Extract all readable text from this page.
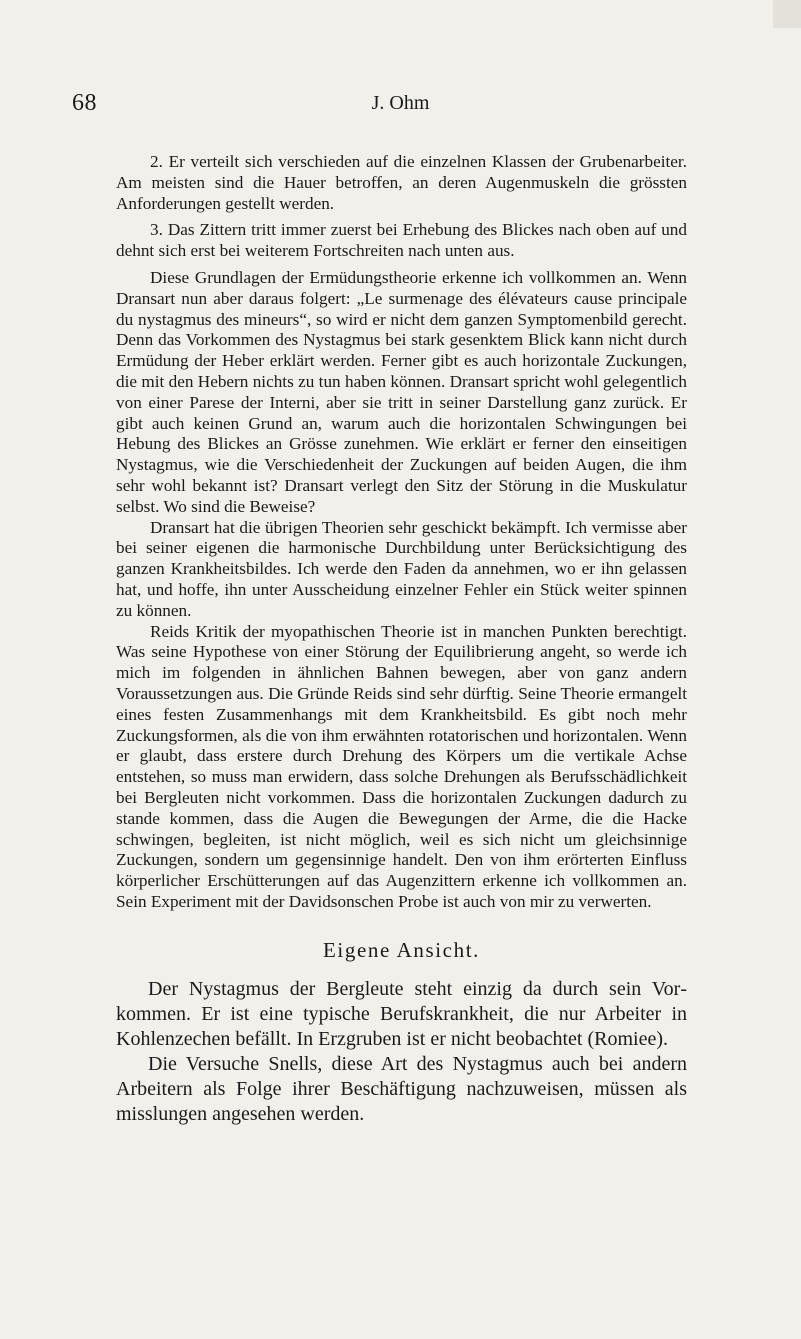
68	J. Ohm

2. Er verteilt sich verschieden auf die einzelnen Klassen der Grubenarbeiter. Am meisten sind die Hauer betroffen, an deren Augenmuskeln die grössten Anforderungen gestellt werden.

3. Das Zittern tritt immer zuerst bei Erhebung des Blickes nach oben auf und dehnt sich erst bei weiterem Fortschreiten nach unten aus.

Diese Grundlagen der Ermüdungstheorie erkenne ich vollkommen an. Wenn Dransart nun aber daraus folgert: „Le surmenage des élévateurs cause principale du nystagmus des mineurs“, so wird er nicht dem ganzen Symptomenbild gerecht. Denn das Vorkommen des Nystagmus bei stark gesenktem Blick kann nicht durch Ermüdung der Heber erklärt werden. Ferner gibt es auch horizontale Zuckungen, die mit den Hebern nichts zu tun haben können. Dransart spricht wohl gelegentlich von einer Parese der Interni, aber sie tritt in seiner Darstellung ganz zurück. Er gibt auch keinen Grund an, warum auch die horizontalen Schwingungen bei Hebung des Blickes an Grösse zunehmen. Wie erklärt er ferner den einseitigen Nystagmus, wie die Verschiedenheit der Zuckungen auf beiden Augen, die ihm sehr wohl bekannt ist? Dransart verlegt den Sitz der Störung in die Muskulatur selbst. Wo sind die Beweise?

Dransart hat die übrigen Theorien sehr geschickt bekämpft. Ich vermisse aber bei seiner eigenen die harmonische Durchbildung unter Berücksichtigung des ganzen Krankheitsbildes. Ich werde den Faden da annehmen, wo er ihn gelassen hat, und hoffe, ihn unter Ausscheidung einzelner Fehler ein Stück weiter spinnen zu können.

Reids Kritik der myopathischen Theorie ist in manchen Punkten berechtigt. Was seine Hypothese von einer Störung der Equilibrierung angeht, so werde ich mich im folgenden in ähnlichen Bahnen bewegen, aber von ganz andern Voraussetzungen aus. Die Gründe Reids sind sehr dürftig. Seine Theorie ermangelt eines festen Zusammenhangs mit dem Krankheitsbild. Es gibt noch mehr Zuckungsformen, als die von ihm erwähnten rotatorischen und horizontalen. Wenn er glaubt, dass erstere durch Drehung des Körpers um die vertikale Achse entstehen, so muss man erwidern, dass solche Drehungen als Berufsschädlichkeit bei Bergleuten nicht vorkommen. Dass die horizontalen Zuckungen dadurch zu stande kommen, dass die Augen die Bewegungen der Arme, die die Hacke schwingen, begleiten, ist nicht möglich, weil es sich nicht um gleichsinnige Zuckungen, sondern um gegensinnige handelt. Den von ihm erörterten Einfluss körperlicher Erschütterungen auf das Augenzittern erkenne ich vollkommen an. Sein Experiment mit der Davidsonschen Probe ist auch von mir zu verwerten.

Eigene Ansicht.

Der Nystagmus der Bergleute steht einzig da durch sein Vorkommen. Er ist eine typische Berufskrankheit, die nur Arbeiter in Kohlenzechen befällt. In Erzgruben ist er nicht beobachtet (Romiee).

Die Versuche Snells, diese Art des Nystagmus auch bei andern Arbeitern als Folge ihrer Beschäftigung nachzuweisen, müssen als misslungen angesehen werden.
